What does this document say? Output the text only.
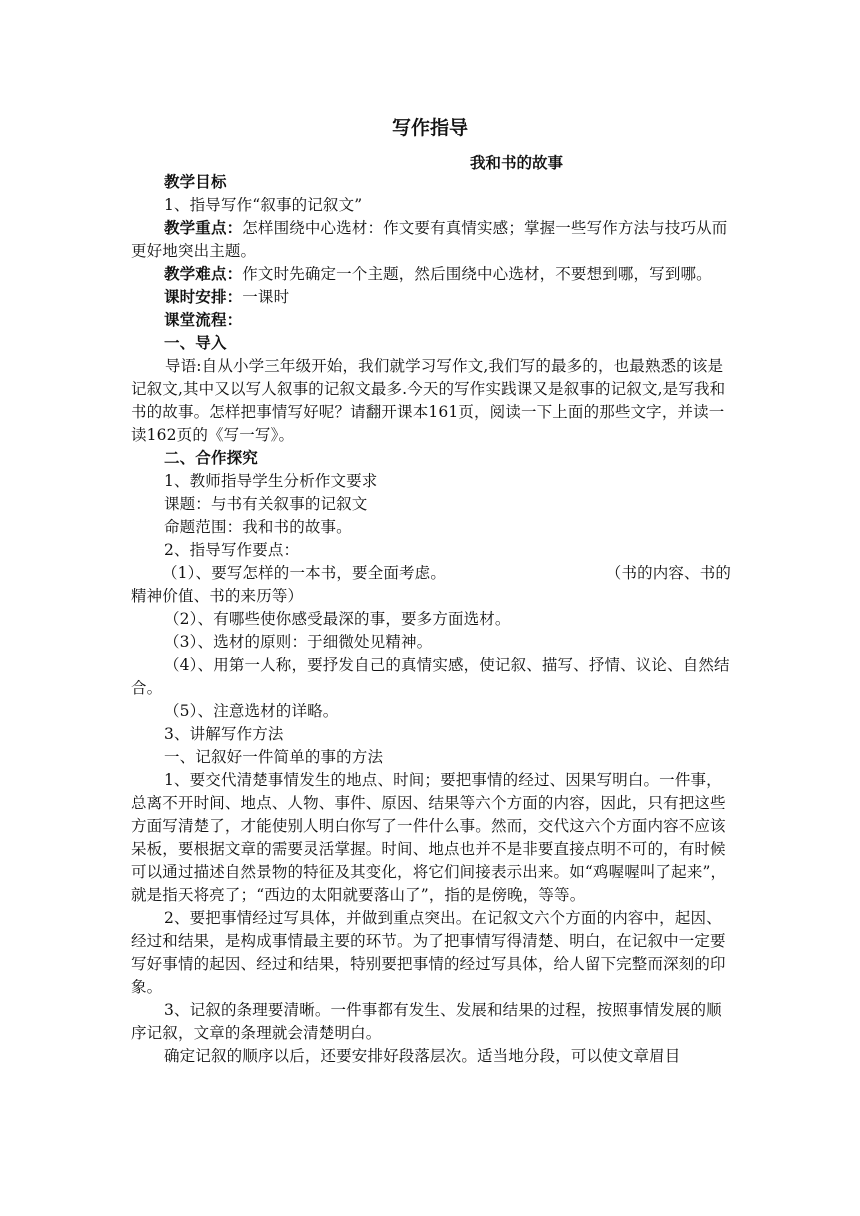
写作指导
我和书的故事

教学目标

1、指导写作“叙事的记叙文”

教学重点：怎样围绕中心选材：作文要有真情实感；掌握一些写作方法与技巧从而更好地突出主题。

教学难点：作文时先确定一个主题，然后围绕中心选材，不要想到哪，写到哪。

课时安排：一课时

课堂流程：

一、导入

导语:自从小学三年级开始，我们就学习写作文,我们写的最多的，也最熟悉的该是记叙文,其中又以写人叙事的记叙文最多.今天的写作实践课又是叙事的记叙文,是写我和书的故事。怎样把事情写好呢？请翻开课本161页，阅读一下上面的那些文字，并读一读162页的《写一写》。

二、合作探究

1、教师指导学生分析作文要求

课题：与书有关叙事的记叙文

命题范围：我和书的故事。

2、指导写作要点：

（1）、要写怎样的一本书，要全面考虑。	（书的内容、书的

精神价值、书的来历等）

（2）、有哪些使你感受最深的事，要多方面选材。

（3）、选材的原则：于细微处见精神。

（4）、用第一人称，要抒发自己的真情实感，使记叙、描写、抒情、议论、自然结合。

（5）、注意选材的详略。

3、讲解写作方法

一、记叙好一件简单的事的方法

1、要交代清楚事情发生的地点、时间；要把事情的经过、因果写明白。一件事，总离不开时间、地点、人物、事件、原因、结果等六个方面的内容，因此，只有把这些方面写清楚了，才能使别人明白你写了一件什么事。然而，交代这六个方面内容不应该呆板，要根据文章的需要灵活掌握。时间、地点也并不是非要直接点明不可的，有时候可以通过描述自然景物的特征及其变化，将它们间接表示出来。如“鸡喔喔叫了起来”，就是指天将亮了；“西边的太阳就要落山了”，指的是傍晚，等等。

2、要把事情经过写具体，并做到重点突出。在记叙文六个方面的内容中，起因、经过和结果，是构成事情最主要的环节。为了把事情写得清楚、明白，在记叙中一定要写好事情的起因、经过和结果，特别要把事情的经过写具体，给人留下完整而深刻的印象。

3、记叙的条理要清晰。一件事都有发生、发展和结果的过程，按照事情发展的顺序记叙，文章的条理就会清楚明白。

确定记叙的顺序以后，还要安排好段落层次。适当地分段，可以使文章眉目
